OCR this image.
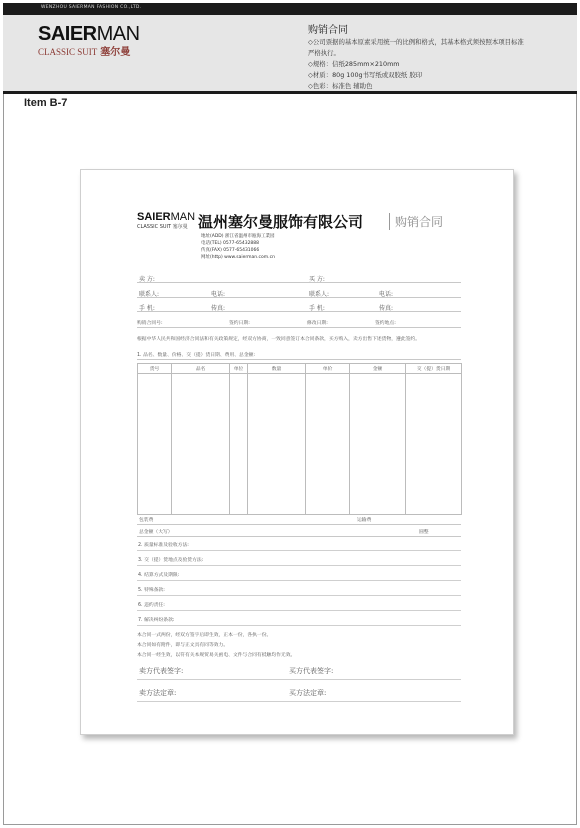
WENZHOU SAIERMAN FASHION CO.,LTD.
SAIERMAN
CLASSIC SUIT 塞尔曼
购销合同
◇公司票据的基本原素采用统一的比例和格式，其基本格式须按照本项目标准
严格执行。
◇规格：信纸285mm×210mm
◇材质：80g 100g书写纸或双胶纸 胶印
◇色彩：标准色 辅助色
Item B-7
SAIERMAN
CLASSIC SUIT 塞尔曼 温州塞尔曼服饰有限公司	购销合同
地址(ADD) 浙江省温州市瓯海工業园
电话(TEL) 0577-65432888
传真(FAX) 0577-65431066
网址(http) www.saierman.com.cn
卖 方:	买 方:
联系人:	电话:	联系人:	电话:
手 机:	传真:	手 机:	传真:
购销合同号:	签约日期:	修改日期:	签约地点:
根据中华人民共和国经济合同法和有关政策规定，经双方协商，一致同意签订本合同条款，买方购入，卖方出售下述货物，遵此签约。
1. 品名、数量、价格、交（提）货日期、费用、总金额:
货号	品名	单位	数量	单价	金额	交（提）货日期

包装费	运输费
总金额（大写）	圆整
2. 质量标准及验收方法:
3. 交（提）货地点及验货方法:
4. 结算方式及期限:
5. 特殊条款:
6. 违约责任:
7. 解决纠纷条款:
本合同一式两份，经双方签字后即生效，正本一份，各执一份。
本合同如有附件，即与正文具有同等效力。
本合同一经生效，以符有关本规贸易关函电、文件与合同有抵触均作无效。
卖方代表签字:	买方代表签字:
卖方法定章:	买方法定章:
